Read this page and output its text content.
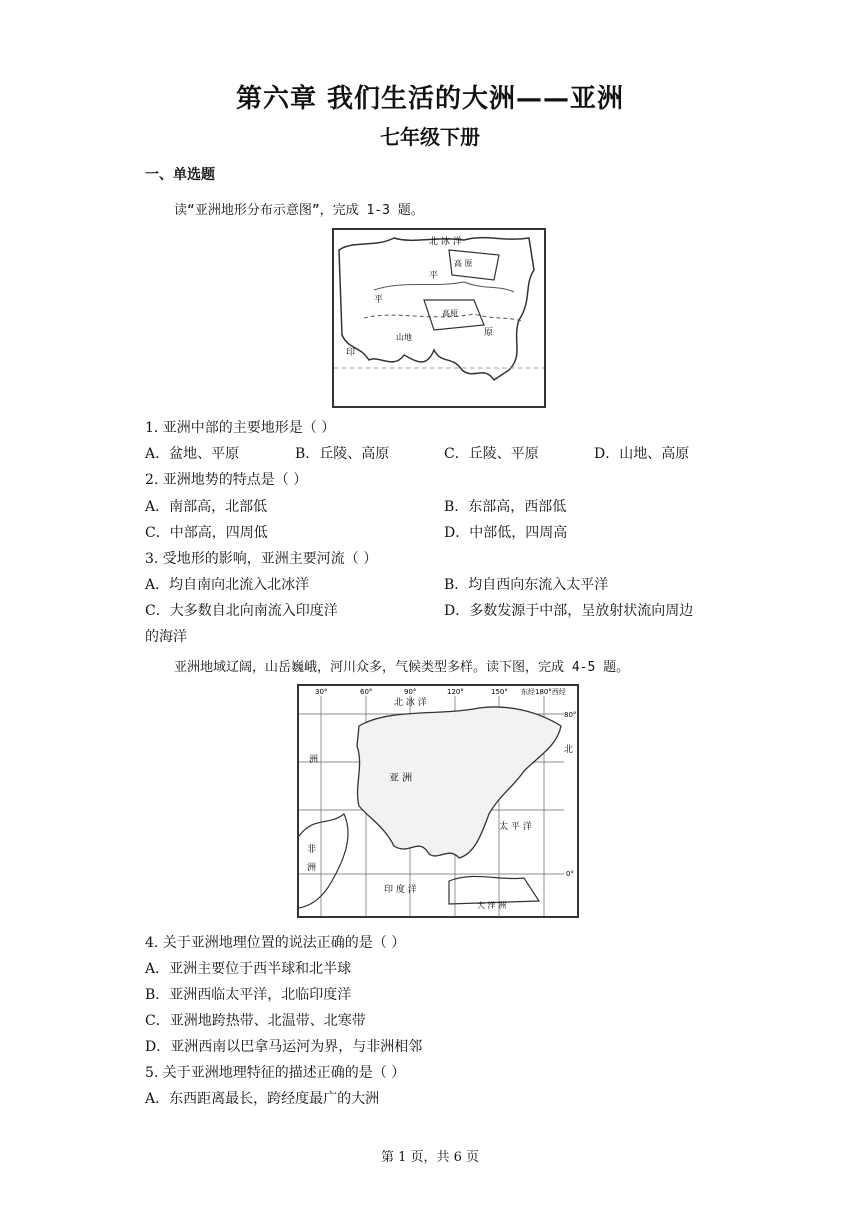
第六章 我们生活的大洲——亚洲
七年级下册
一、单选题
读“亚洲地形分布示意图”，完成 1-3 题。
北 冰 洋
高 原
平
高原
平
原
印
山地
1. 亚洲中部的主要地形是（ ）
A．盆地、平原	B．丘陵、高原	C．丘陵、平原	D．山地、高原
2. 亚洲地势的特点是（ ）
A．南部高，北部低	B．东部高，西部低
C．中部高，四周低	D．中部低，四周高
3. 受地形的影响，亚洲主要河流（ ）
A．均自南向北流入北冰洋	B．均自西向东流入太平洋
C．大多数自北向南流入印度洋	D．多数发源于中部，呈放射状流向周边
的海洋
亚洲地域辽阔，山岳巍峨，河川众多，气候类型多样。读下图，完成 4-5 题。
30°	60°	90°	120°	150° 东经180°西经
80°
0°
北 冰 洋
亚 洲
太 平 洋
印 度 洋
非
洲
洲
北
大 洋 洲
4. 关于亚洲地理位置的说法正确的是（ ）
A．亚洲主要位于西半球和北半球
B．亚洲西临太平洋，北临印度洋
C．亚洲地跨热带、北温带、北寒带
D．亚洲西南以巴拿马运河为界，与非洲相邻
5. 关于亚洲地理特征的描述正确的是（ ）
A．东西距离最长，跨经度最广的大洲
第 1 页，共 6 页
